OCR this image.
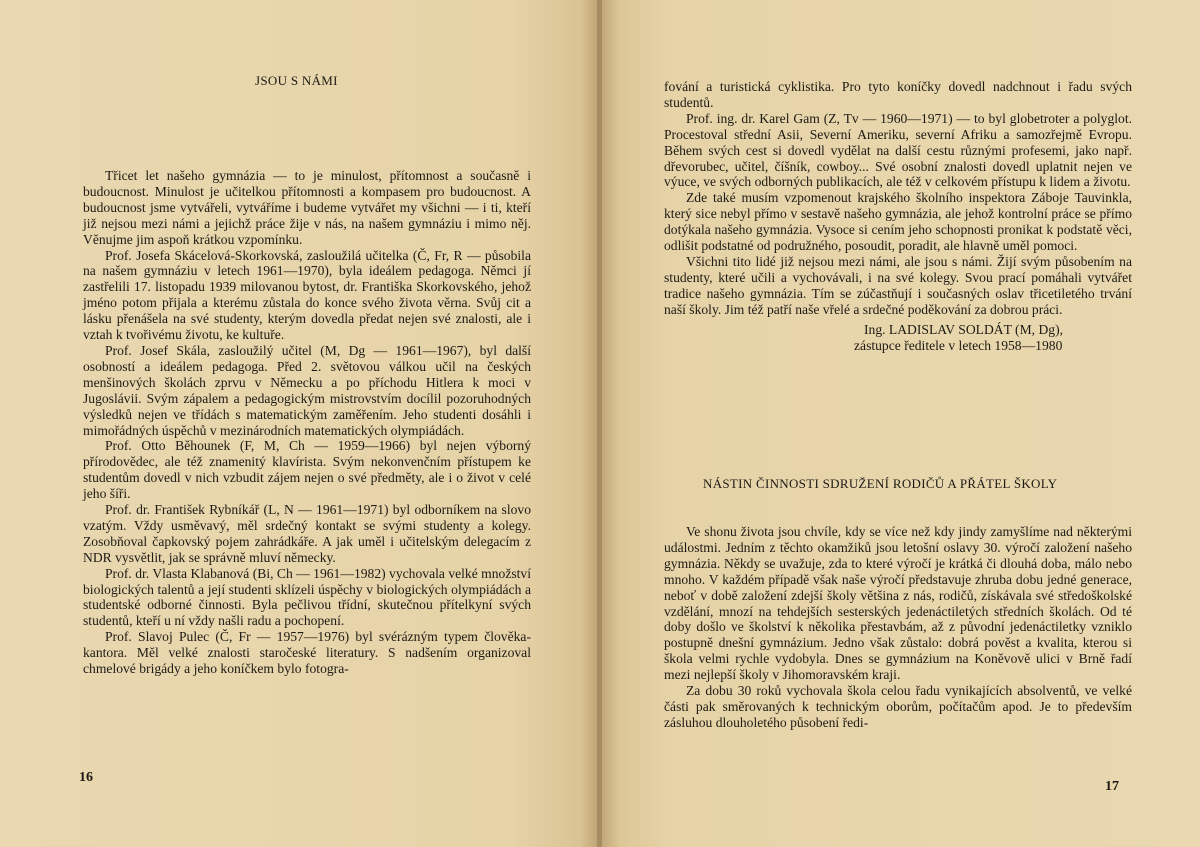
JSOU S NÁMI

Třicet let našeho gymnázia — to je minulost, přítomnost a současně i budoucnost. Minulost je učitelkou přítomnosti a kompasem pro budoucnost. A budoucnost jsme vytvářeli, vytváříme i budeme vytvářet my všichni — i ti, kteří již nejsou mezi námi a jejichž práce žije v nás, na našem gymnáziu i mimo něj. Věnujme jim aspoň krátkou vzpomínku.

Prof. Josefa Skácelová-Skorkovská, zasloužilá učitelka (Č, Fr, R — působila na našem gymnáziu v letech 1961—1970), byla ideálem pedagoga. Němci jí zastřelili 17. listopadu 1939 milovanou bytost, dr. Františka Skorkovského, jehož jméno potom přijala a kterému zůstala do konce svého života věrna. Svůj cit a lásku přenášela na své studenty, kterým dovedla předat nejen své znalosti, ale i vztah k tvořivému životu, ke kultuře.

Prof. Josef Skála, zasloužilý učitel (M, Dg — 1961—1967), byl další osobností a ideálem pedagoga. Před 2. světovou válkou učil na českých menšinových školách zprvu v Německu a po příchodu Hitlera k moci v Jugoslávii. Svým zápalem a pedagogickým mistrovstvím docílil pozoruhodných výsledků nejen ve třídách s matematickým zaměřením. Jeho studenti dosáhli i mimořádných úspěchů v mezinárodních matematických olympiádách.

Prof. Otto Běhounek (F, M, Ch — 1959—1966) byl nejen výborný přírodovědec, ale též znamenitý klavírista. Svým nekonvenčním přístupem ke studentům dovedl v nich vzbudit zájem nejen o své předměty, ale i o život v celé jeho šíři.

Prof. dr. František Rybníkář (L, N — 1961—1971) byl odborníkem na slovo vzatým. Vždy usměvavý, měl srdečný kontakt se svými studenty a kolegy. Zosobňoval čapkovský pojem zahrádkáře. A jak uměl i učitelským delegacím z NDR vysvětlit, jak se správně mluví německy.

Prof. dr. Vlasta Klabanová (Bi, Ch — 1961—1982) vychovala velké množství biologických talentů a její studenti sklízeli úspěchy v biologických olympiádách a studentské odborné činnosti. Byla pečlivou třídní, skutečnou přítelkyní svých studentů, kteří u ní vždy našli radu a pochopení.

Prof. Slavoj Pulec (Č, Fr — 1957—1976) byl svérázným typem člověka-kantora. Měl velké znalosti staročeské literatury. S nadšením organizoval chmelové brigády a jeho koníčkem bylo fotogra-

16

fování a turistická cyklistika. Pro tyto koníčky dovedl nadchnout i řadu svých studentů.

Prof. ing. dr. Karel Gam (Z, Tv — 1960—1971) — to byl globetroter a polyglot. Procestoval střední Asii, Severní Ameriku, severní Afriku a samozřejmě Evropu. Během svých cest si dovedl vydělat na další cestu různými profesemi, jako např. dřevorubec, učitel, číšník, cowboy... Své osobní znalosti dovedl uplatnit nejen ve výuce, ve svých odborných publikacích, ale též v celkovém přístupu k lidem a životu.

Zde také musím vzpomenout krajského školního inspektora Záboje Tauvinkla, který sice nebyl přímo v sestavě našeho gymnázia, ale jehož kontrolní práce se přímo dotýkala našeho gymnázia. Vysoce si cením jeho schopnosti pronikat k podstatě věci, odlišit podstatné od podružného, posoudit, poradit, ale hlavně uměl pomoci.

Všichni tito lidé již nejsou mezi námi, ale jsou s námi. Žijí svým působením na studenty, které učili a vychovávali, i na své kolegy. Svou prací pomáhali vytvářet tradice našeho gymnázia. Tím se zúčastňují i současných oslav třicetiletého trvání naší školy. Jim též patří naše vřelé a srdečné poděkování za dobrou práci.

Ing. LADISLAV SOLDÁT (M, Dg),

zástupce ředitele v letech 1958—1980

NÁSTIN ČINNOSTI SDRUŽENÍ RODIČŮ A PŘÁTEL ŠKOLY

Ve shonu života jsou chvíle, kdy se více než kdy jindy zamyšlíme nad některými událostmi. Jedním z těchto okamžiků jsou letošní oslavy 30. výročí založení našeho gymnázia. Někdy se uvažuje, zda to které výročí je krátká či dlouhá doba, málo nebo mnoho. V každém případě však naše výročí představuje zhruba dobu jedné generace, neboť v době založení zdejší školy většina z nás, rodičů, získávala své středoškolské vzdělání, mnozí na tehdejších sesterských jedenáctiletých středních školách. Od té doby došlo ve školství k několika přestavbám, až z původní jedenáctiletky vzniklo postupně dnešní gymnázium. Jedno však zůstalo: dobrá pověst a kvalita, kterou si škola velmi rychle vydobyla. Dnes se gymnázium na Koněvově ulici v Brně řadí mezi nejlepší školy v Jihomoravském kraji.

Za dobu 30 roků vychovala škola celou řadu vynikajících absolventů, ve velké části pak směrovaných k technickým oborům, počítačům apod. Je to především zásluhou dlouholetého působení ředi-

17
